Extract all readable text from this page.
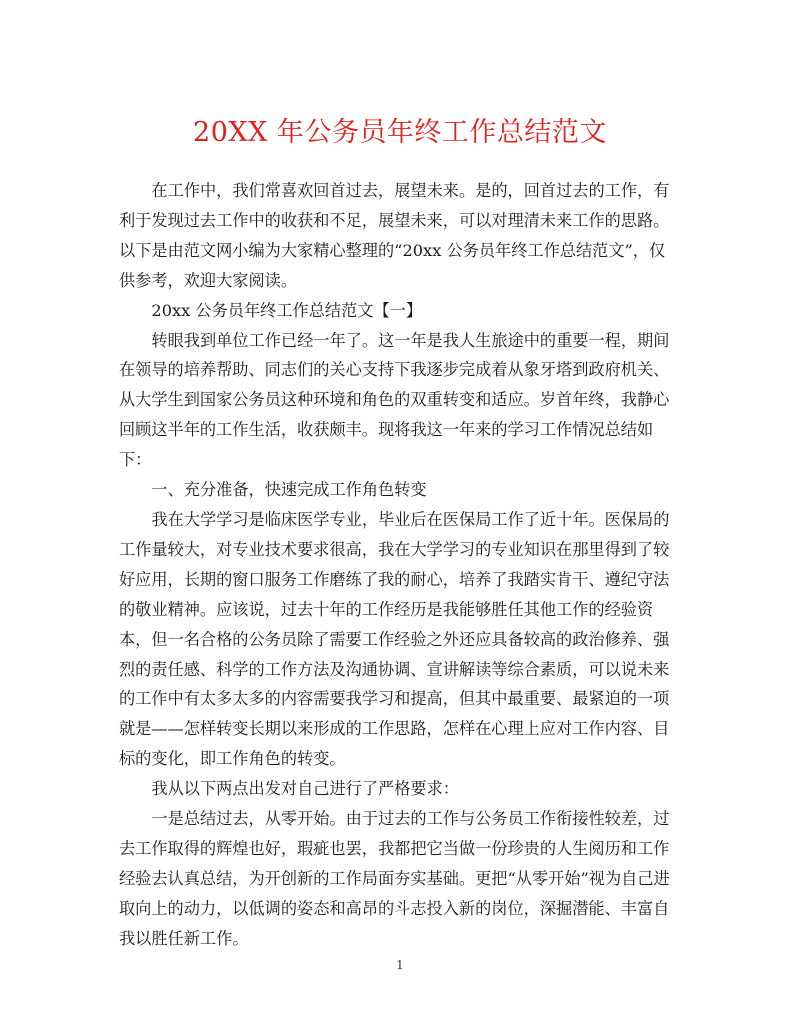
20XX 年公务员年终工作总结范文

在工作中，我们常喜欢回首过去，展望未来。是的，回首过去的工作，有利于发现过去工作中的收获和不足，展望未来，可以对理清未来工作的思路。以下是由范文网小编为大家精心整理的“20xx 公务员年终工作总结范文”，仅供参考，欢迎大家阅读。

20xx 公务员年终工作总结范文【一】

转眼我到单位工作已经一年了。这一年是我人生旅途中的重要一程，期间在领导的培养帮助、同志们的关心支持下我逐步完成着从象牙塔到政府机关、从大学生到国家公务员这种环境和角色的双重转变和适应。岁首年终，我静心回顾这半年的工作生活，收获颇丰。现将我这一年来的学习工作情况总结如下：

一、充分准备，快速完成工作角色转变

我在大学学习是临床医学专业，毕业后在医保局工作了近十年。医保局的工作量较大，对专业技术要求很高，我在大学学习的专业知识在那里得到了较好应用，长期的窗口服务工作磨练了我的耐心，培养了我踏实肯干、遵纪守法的敬业精神。应该说，过去十年的工作经历是我能够胜任其他工作的经验资本，但一名合格的公务员除了需要工作经验之外还应具备较高的政治修养、强烈的责任感、科学的工作方法及沟通协调、宣讲解读等综合素质，可以说未来的工作中有太多太多的内容需要我学习和提高，但其中最重要、最紧迫的一项就是——怎样转变长期以来形成的工作思路，怎样在心理上应对工作内容、目标的变化，即工作角色的转变。

我从以下两点出发对自己进行了严格要求：

一是总结过去，从零开始。由于过去的工作与公务员工作衔接性较差，过去工作取得的辉煌也好，瑕疵也罢，我都把它当做一份珍贵的人生阅历和工作经验去认真总结，为开创新的工作局面夯实基础。更把“从零开始”视为自己进取向上的动力，以低调的姿态和高昂的斗志投入新的岗位，深掘潜能、丰富自我以胜任新工作。

1
